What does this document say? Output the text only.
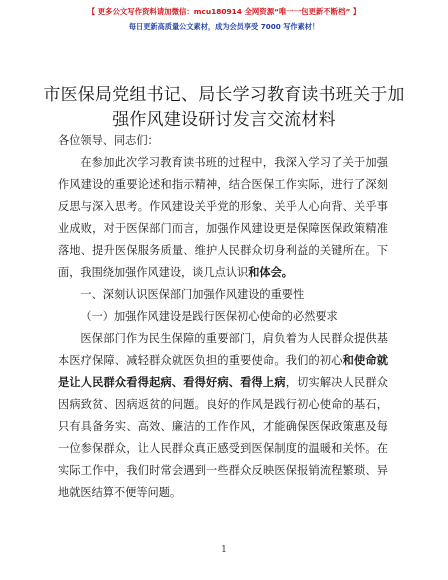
【 更多公文写作资料请加微信：mcu180914 全网资源“唯一一包更新不断档” 】
每日更新高质量公文素材，成为会员享受 7000 写作素材！
市医保局党组书记、局长学习教育读书班关于加强作风建设研讨发言交流材料

各位领导、同志们：

在参加此次学习教育读书班的过程中，我深入学习了关于加强作风建设的重要论述和指示精神，结合医保工作实际，进行了深刻反思与深入思考。作风建设关乎党的形象、关乎人心向背、关乎事业成败，对于医保部门而言，加强作风建设更是保障医保政策精准落地、提升医保服务质量、维护人民群众切身利益的关键所在。下面，我围绕加强作风建设，谈几点认识和体会。

一、深刻认识医保部门加强作风建设的重要性

（一）加强作风建设是践行医保初心使命的必然要求

医保部门作为民生保障的重要部门，肩负着为人民群众提供基本医疗保障、减轻群众就医负担的重要使命。我们的初心和使命就是让人民群众看得起病、看得好病、看得上病，切实解决人民群众因病致贫、因病返贫的问题。良好的作风是践行初心使命的基石，只有具备务实、高效、廉洁的工作作风，才能确保医保政策惠及每一位参保群众，让人民群众真正感受到医保制度的温暖和关怀。在实际工作中，我们时常会遇到一些群众反映医保报销流程繁琐、异地就医结算不便等问题。

1
